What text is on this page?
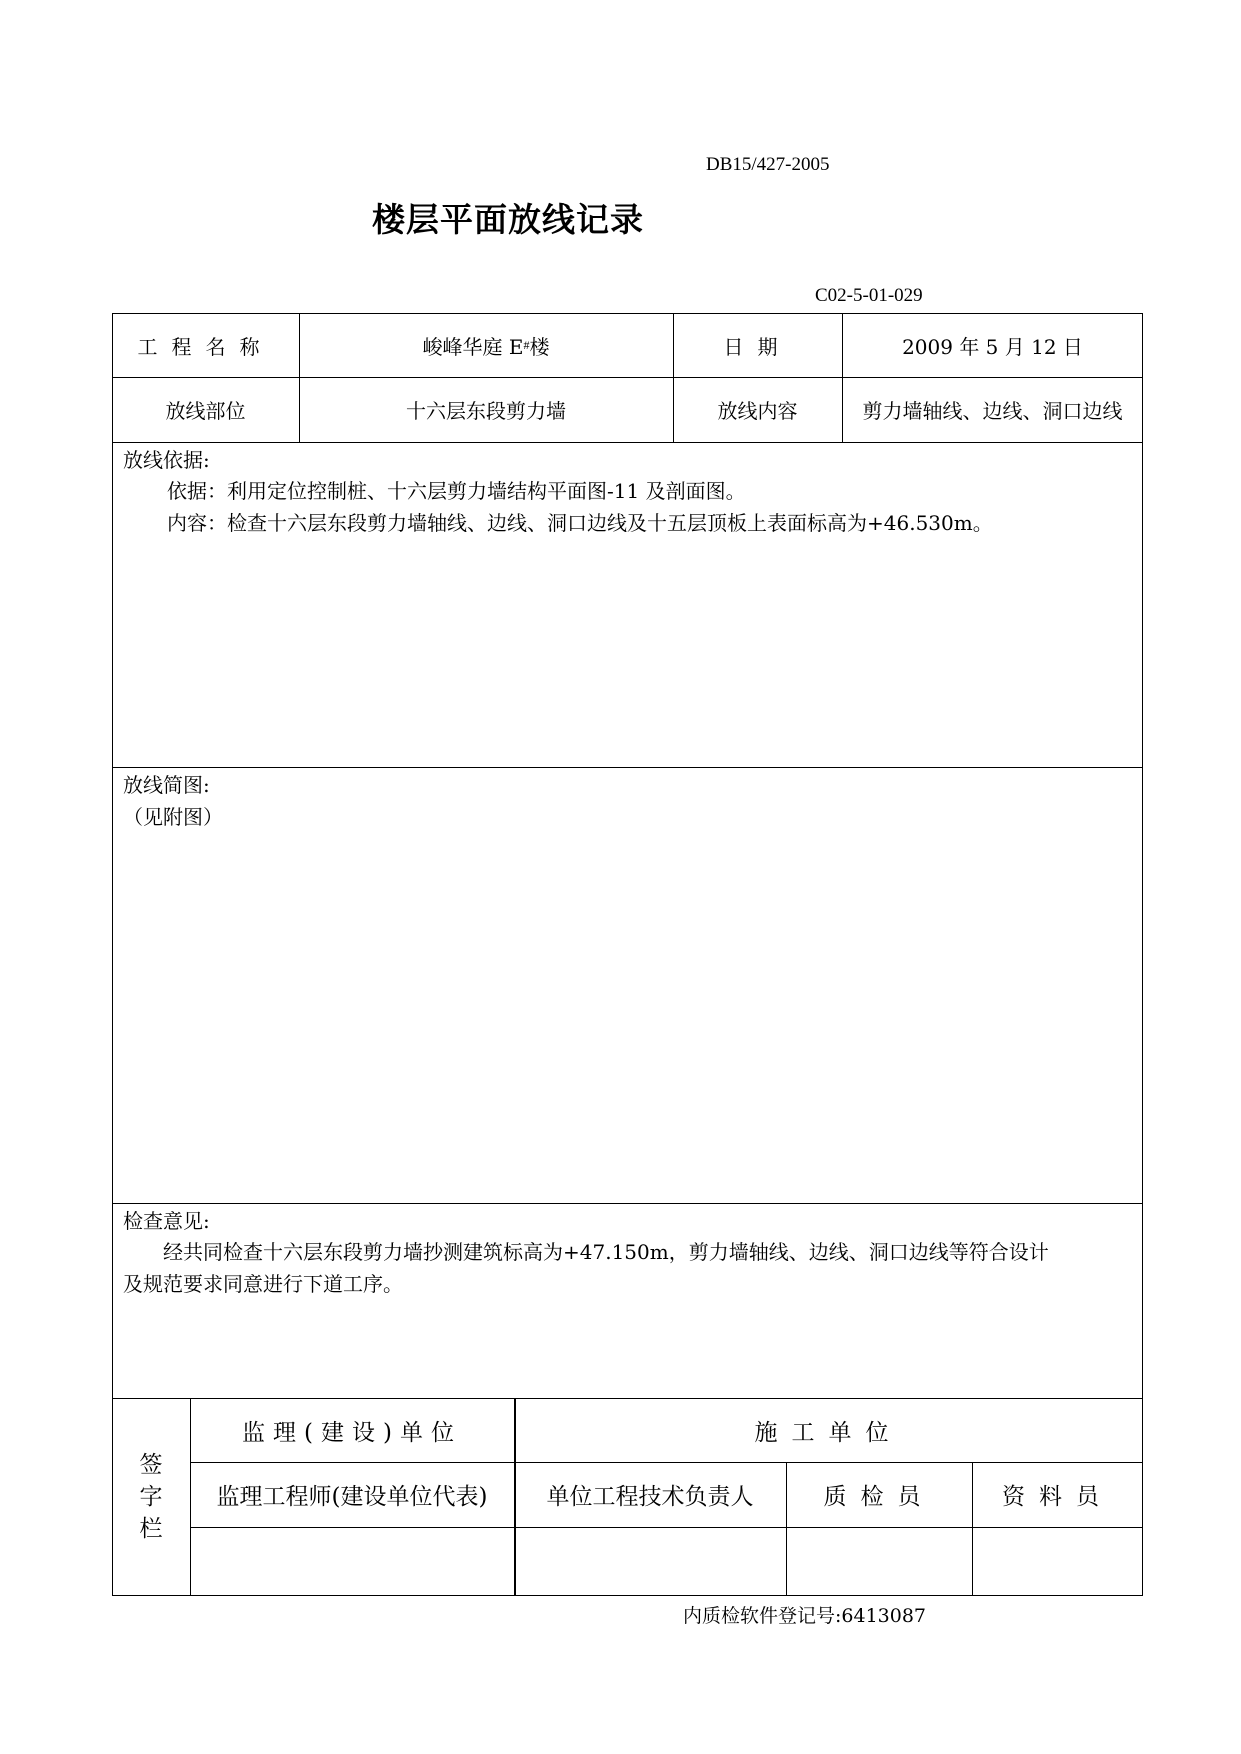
DB15/427-2005
楼层平面放线记录
C02-5-01-029
工程名称	峻峰华庭 E # 楼	日期	2009 年 5 月 12 日
放线部位	十六层东段剪力墙	放线内容	剪力墙轴线、边线、洞口边线
放线依据:
依据：利用定位控制桩、十六层剪力墙结构平面图-11 及剖面图。
内容：检查十六层东段剪力墙轴线、边线、洞口边线及十五层顶板上表面标高为+46.530m。
放线简图:
（见附图）
检查意见:
经共同检查十六层东段剪力墙抄测建筑标高为+47.150m，剪力墙轴线、边线、洞口边线等符合设计
及规范要求同意进行下道工序。
签
字
栏
监理(建设)单位	施工单位
监理工程师(建设单位代表)	单位工程技术负责人	质检员	资料员
内质检软件登记号:6413087
